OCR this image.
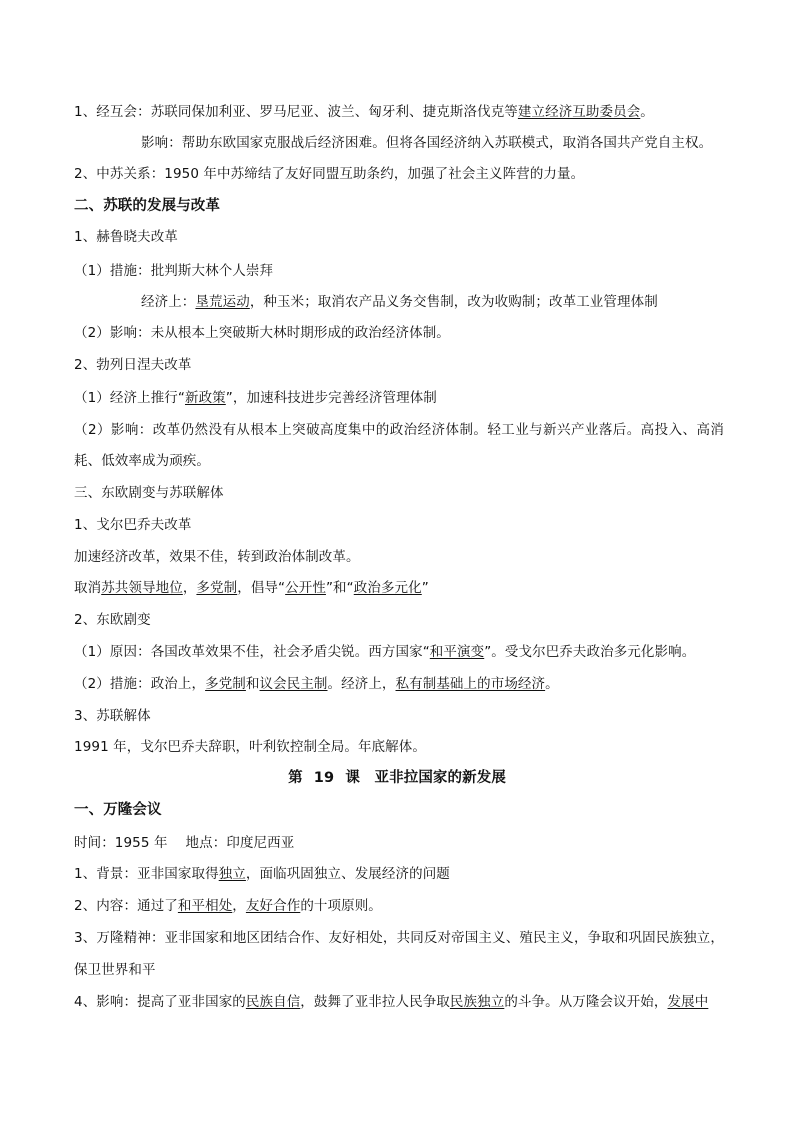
1、经互会：苏联同保加利亚、罗马尼亚、波兰、匈牙利、捷克斯洛伐克等建立经济互助委员会。
影响：帮助东欧国家克服战后经济困难。但将各国经济纳入苏联模式，取消各国共产党自主权。
2、中苏关系：1950 年中苏缔结了友好同盟互助条约，加强了社会主义阵营的力量。
二、苏联的发展与改革
1、赫鲁晓夫改革
（1）措施：批判斯大林个人崇拜
经济上：垦荒运动，种玉米；取消农产品义务交售制，改为收购制；改革工业管理体制
（2）影响：未从根本上突破斯大林时期形成的政治经济体制。
2、勃列日涅夫改革
（1）经济上推行“新政策”，加速科技进步完善经济管理体制
（2）影响：改革仍然没有从根本上突破高度集中的政治经济体制。轻工业与新兴产业落后。高投入、高消
耗、低效率成为顽疾。
三、东欧剧变与苏联解体
1、戈尔巴乔夫改革
加速经济改革，效果不佳，转到政治体制改革。
取消苏共领导地位，多党制，倡导“公开性”和“政治多元化”
2、东欧剧变
（1）原因：各国改革效果不佳，社会矛盾尖锐。西方国家“和平演变”。受戈尔巴乔夫政治多元化影响。
（2）措施：政治上，多党制和议会民主制。经济上，私有制基础上的市场经济。
3、苏联解体
1991 年，戈尔巴乔夫辞职，叶利钦控制全局。年底解体。
第 19 课　亚非拉国家的新发展
一、万隆会议
时间：1955 年　 地点：印度尼西亚
1、背景：亚非国家取得独立，面临巩固独立、发展经济的问题
2、内容：通过了和平相处，友好合作的十项原则。
3、万隆精神：亚非国家和地区团结合作、友好相处，共同反对帝国主义、殖民主义，争取和巩固民族独立，
保卫世界和平
4、影响：提高了亚非国家的民族自信，鼓舞了亚非拉人民争取民族独立的斗争。从万隆会议开始，发展中
